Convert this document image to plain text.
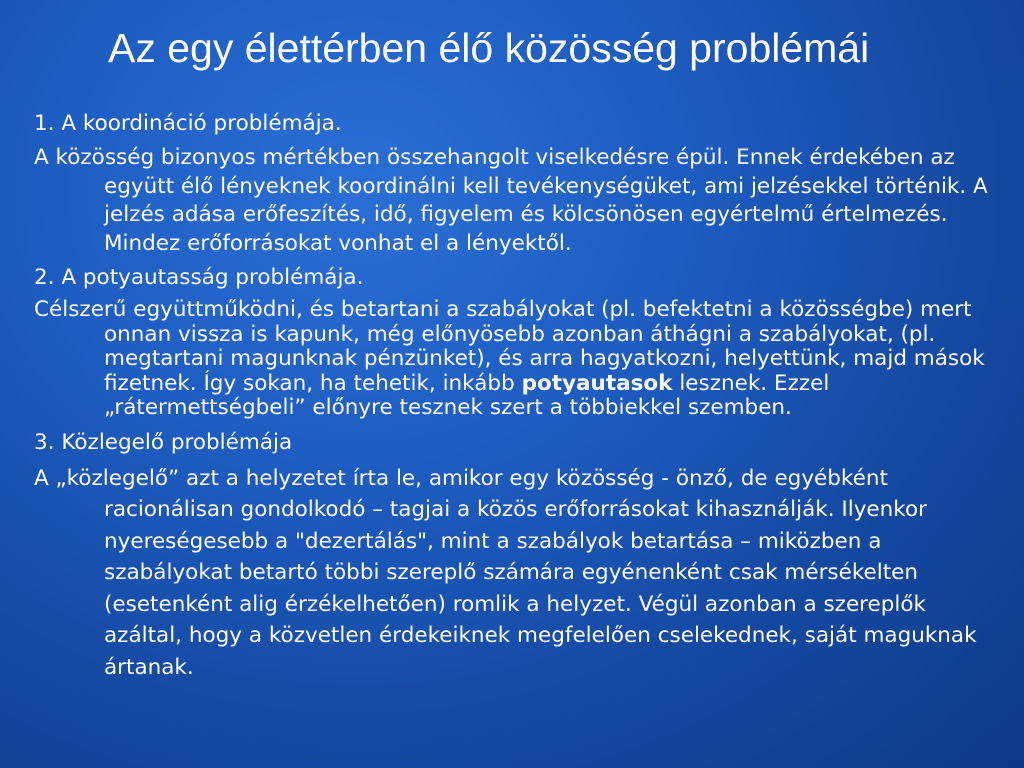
Az egy élettérben élő közösség problémái

1. A koordináció problémája.

A közösség bizonyos mértékben összehangolt viselkedésre épül. Ennek érdekében az együtt élő lényeknek koordinálni kell tevékenységüket, ami jelzésekkel történik. A jelzés adása erőfeszítés, idő, figyelem és kölcsönösen egyértelmű értelmezés. Mindez erőforrásokat vonhat el a lényektől.

2. A potyautasság problémája.

Célszerű együttműködni, és betartani a szabályokat (pl. befektetni a közösségbe) mert onnan vissza is kapunk, még előnyösebb azonban áthágni a szabályokat, (pl. megtartani magunknak pénzünket), és arra hagyatkozni, helyettünk, majd mások fizetnek. Így sokan, ha tehetik, inkább potyautasok lesznek. Ezzel „rátermettségbeli” előnyre tesznek szert a többiekkel szemben.

3. Közlegelő problémája

A „közlegelő” azt a helyzetet írta le, amikor egy közösség - önző, de egyébként racionálisan gondolkodó – tagjai a közös erőforrásokat kihasználják. Ilyenkor nyereségesebb a "dezertálás", mint a szabályok betartása – miközben a szabályokat betartó többi szereplő számára egyénenként csak mérsékelten (esetenként alig érzékelhetően) romlik a helyzet. Végül azonban a szereplők azáltal, hogy a közvetlen érdekeiknek megfelelően cselekednek, saját maguknak ártanak.
